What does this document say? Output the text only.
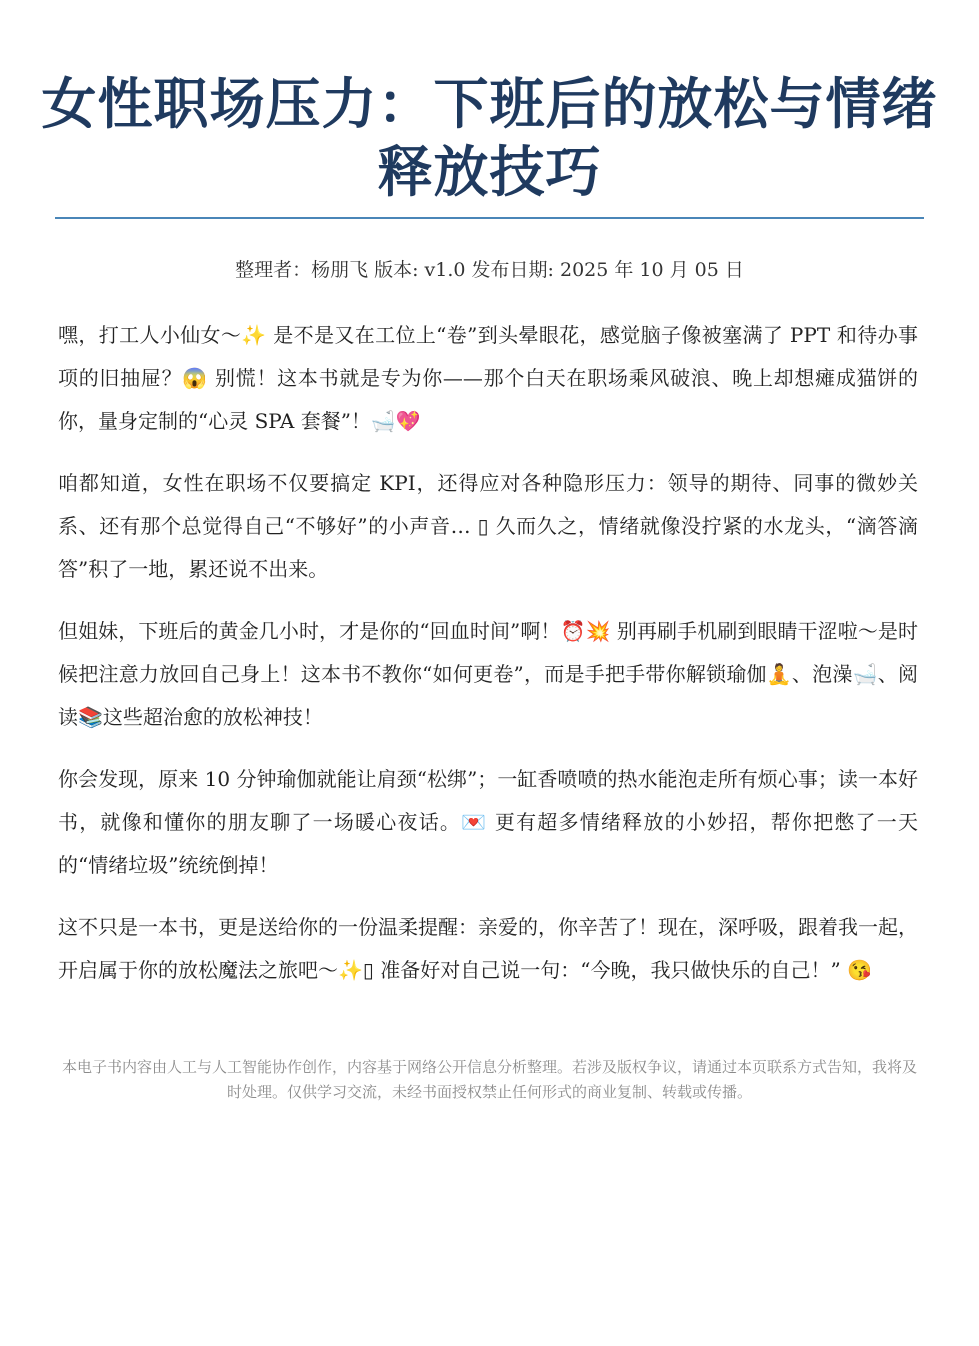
女性职场压力：下班后的放松与情绪释放技巧
整理者：杨朋飞 版本: v1.0 发布日期: 2025 年 10 月 05 日

嘿，打工人小仙女～✨ 是不是又在工位上“卷”到头晕眼花，感觉脑子像被塞满了 PPT 和待办事项的旧抽屉？😱 别慌！这本书就是专为你——那个白天在职场乘风破浪、晚上却想瘫成猫饼的你，量身定制的“心灵 SPA 套餐”！🛁💖

咱都知道，女性在职场不仅要搞定 KPI，还得应对各种隐形压力：领导的期待、同事的微妙关系、还有那个总觉得自己“不够好”的小声音… ▯ 久而久之，情绪就像没拧紧的水龙头，“滴答滴答”积了一地，累还说不出来。

但姐妹，下班后的黄金几小时，才是你的“回血时间”啊！⏰💥 别再刷手机刷到眼睛干涩啦～是时候把注意力放回自己身上！这本书不教你“如何更卷”，而是手把手带你解锁瑜伽🧘、泡澡🛁、阅读📚这些超治愈的放松神技！

你会发现，原来 10 分钟瑜伽就能让肩颈“松绑”；一缸香喷喷的热水能泡走所有烦心事；读一本好书，就像和懂你的朋友聊了一场暖心夜话。💌 更有超多情绪释放的小妙招，帮你把憋了一天的“情绪垃圾”统统倒掉！

这不只是一本书，更是送给你的一份温柔提醒：亲爱的，你辛苦了！现在，深呼吸，跟着我一起，开启属于你的放松魔法之旅吧～✨▯ 准备好对自己说一句：“今晚，我只做快乐的自己！” 😘

本电子书内容由人工与人工智能协作创作，内容基于网络公开信息分析整理。若涉及版权争议，请通过本页联系方式告知，我将及时处理。仅供学习交流，未经书面授权禁止任何形式的商业复制、转载或传播。
